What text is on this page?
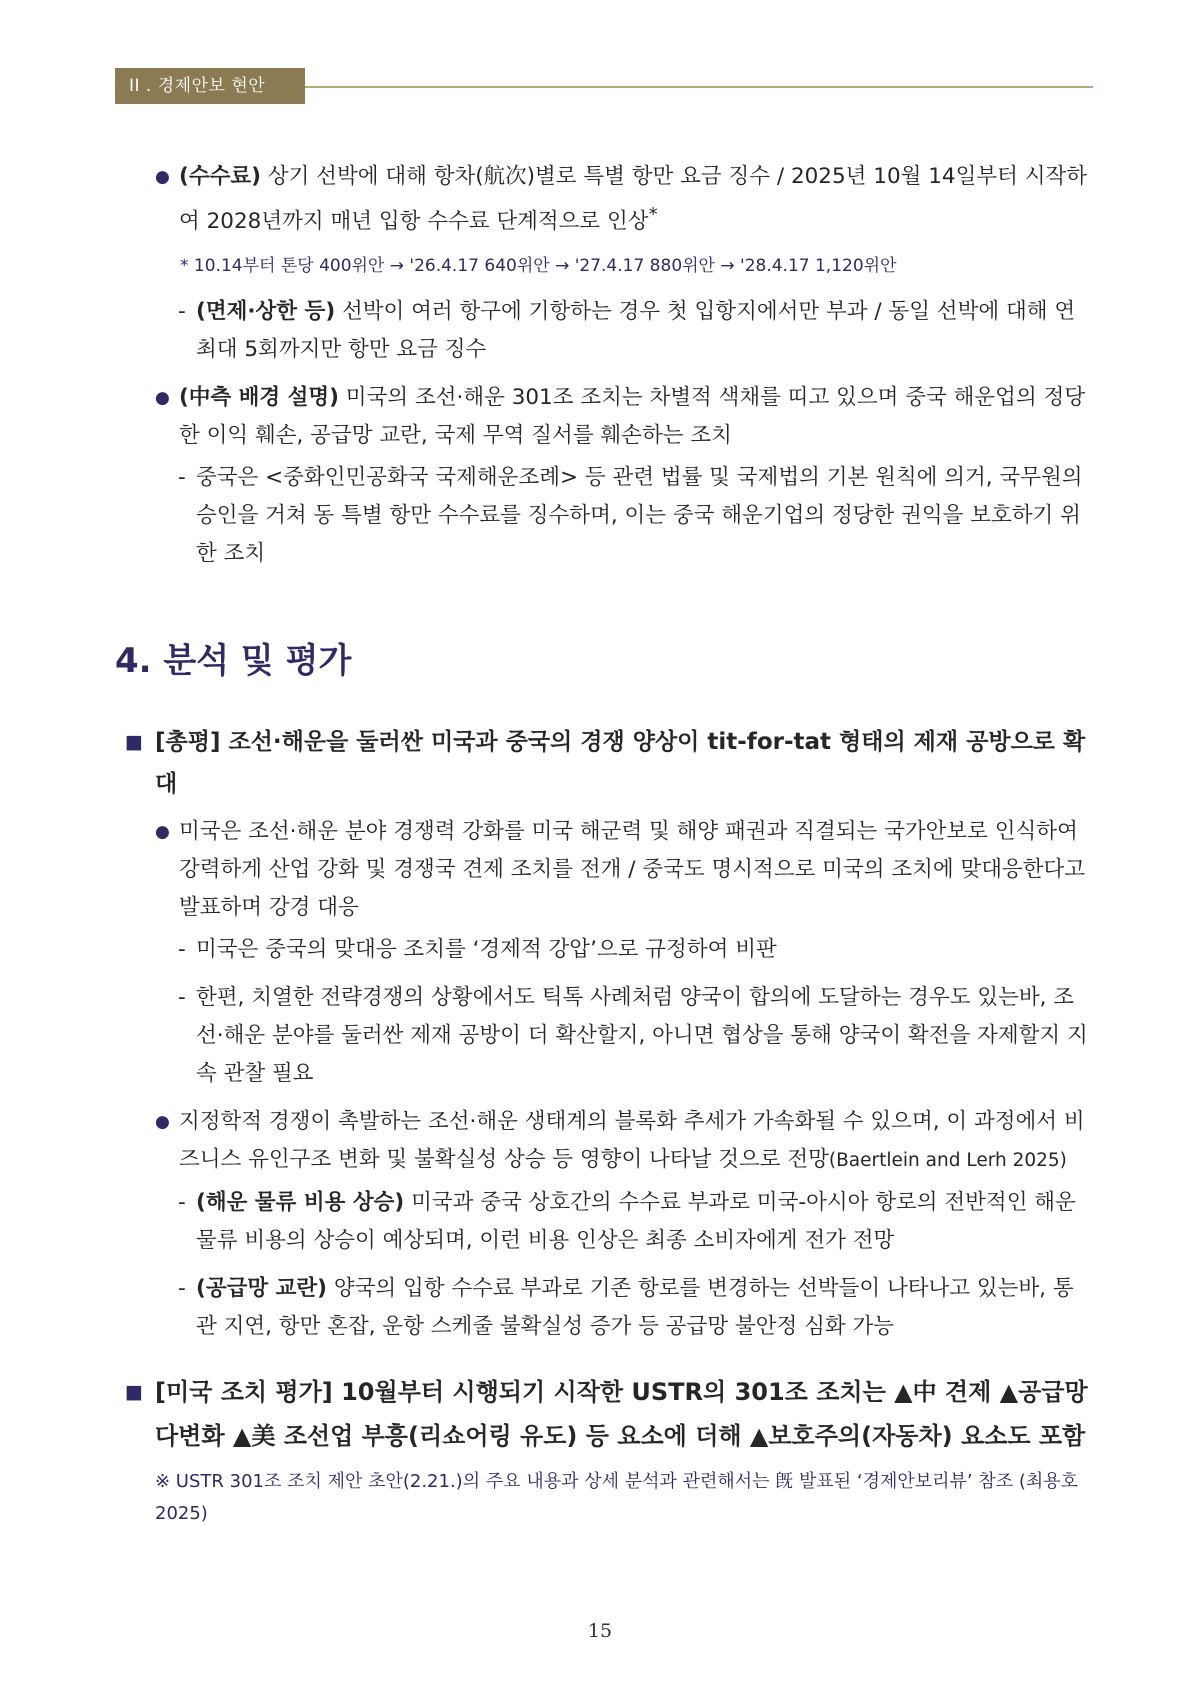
II . 경제안보 현안
● (수수료) 상기 선박에 대해 항차(航次)별로 특별 항만 요금 징수 / 2025년 10월 14일부터 시작하여 2028년까지 매년 입항 수수료 단계적으로 인상*
* 10.14부터 톤당 400위안 → '26.4.17 640위안 → '27.4.17 880위안 → '28.4.17 1,120위안
- (면제·상한 등) 선박이 여러 항구에 기항하는 경우 첫 입항지에서만 부과 / 동일 선박에 대해 연 최대 5회까지만 항만 요금 징수
● (中측 배경 설명) 미국의 조선·해운 301조 조치는 차별적 색채를 띠고 있으며 중국 해운업의 정당한 이익 훼손, 공급망 교란, 국제 무역 질서를 훼손하는 조치
- 중국은 <중화인민공화국 국제해운조례> 등 관련 법률 및 국제법의 기본 원칙에 의거, 국무원의 승인을 거쳐 동 특별 항만 수수료를 징수하며, 이는 중국 해운기업의 정당한 권익을 보호하기 위한 조치
4. 분석 및 평가
■ [총평] 조선·해운을 둘러싼 미국과 중국의 경쟁 양상이 tit-for-tat 형태의 제재 공방으로 확대
● 미국은 조선·해운 분야 경쟁력 강화를 미국 해군력 및 해양 패권과 직결되는 국가안보로 인식하여 강력하게 산업 강화 및 경쟁국 견제 조치를 전개 / 중국도 명시적으로 미국의 조치에 맞대응한다고 발표하며 강경 대응
- 미국은 중국의 맞대응 조치를 ‘경제적 강압’으로 규정하여 비판
- 한편, 치열한 전략경쟁의 상황에서도 틱톡 사례처럼 양국이 합의에 도달하는 경우도 있는바, 조선·해운 분야를 둘러싼 제재 공방이 더 확산할지, 아니면 협상을 통해 양국이 확전을 자제할지 지속 관찰 필요
● 지정학적 경쟁이 촉발하는 조선·해운 생태계의 블록화 추세가 가속화될 수 있으며, 이 과정에서 비즈니스 유인구조 변화 및 불확실성 상승 등 영향이 나타날 것으로 전망(Baertlein and Lerh 2025)
- (해운 물류 비용 상승) 미국과 중국 상호간의 수수료 부과로 미국-아시아 항로의 전반적인 해운 물류 비용의 상승이 예상되며, 이런 비용 인상은 최종 소비자에게 전가 전망
- (공급망 교란) 양국의 입항 수수료 부과로 기존 항로를 변경하는 선박들이 나타나고 있는바, 통관 지연, 항만 혼잡, 운항 스케줄 불확실성 증가 등 공급망 불안정 심화 가능
■ [미국 조치 평가] 10월부터 시행되기 시작한 USTR의 301조 조치는 ▲中 견제 ▲공급망 다변화 ▲美 조선업 부흥(리쇼어링 유도) 등 요소에 더해 ▲보호주의(자동차) 요소도 포함
※ USTR 301조 조치 제안 초안(2.21.)의 주요 내용과 상세 분석과 관련해서는 旣 발표된 ‘경제안보리뷰’ 참조 (최용호 2025)
15
